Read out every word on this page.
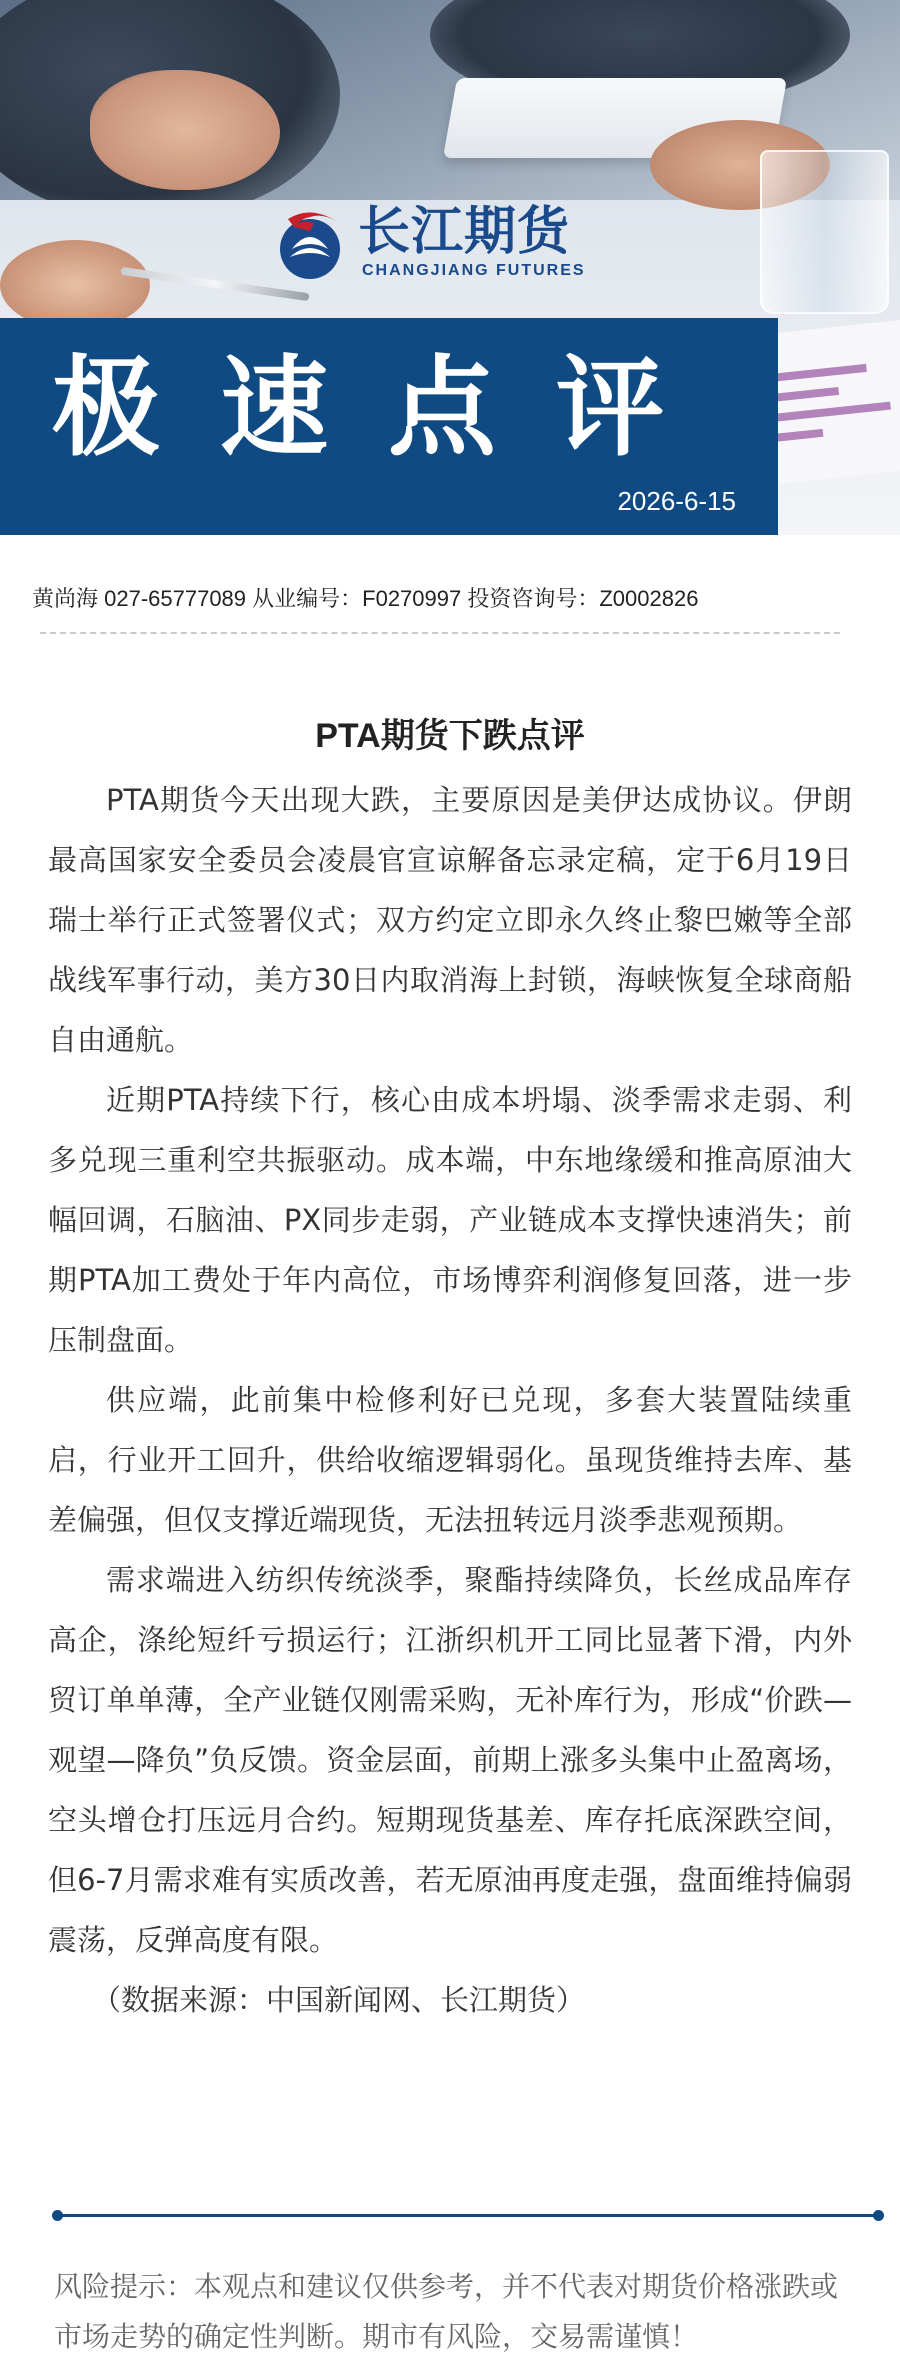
长江期货
CHANGJIANG FUTURES
极速点评
2026-6-15
黄尚海 027-65777089 从业编号：F0270997 投资咨询号：Z0002826
PTA期货下跌点评

PTA期货今天出现大跌，主要原因是美伊达成协议。伊朗最高国家安全委员会凌晨官宣谅解备忘录定稿，定于6月19日瑞士举行正式签署仪式；双方约定立即永久终止黎巴嫩等全部战线军事行动，美方30日内取消海上封锁，海峡恢复全球商船自由通航。

近期PTA持续下行，核心由成本坍塌、淡季需求走弱、利多兑现三重利空共振驱动。成本端，中东地缘缓和推高原油大幅回调，石脑油、PX同步走弱，产业链成本支撑快速消失；前期PTA加工费处于年内高位，市场博弈利润修复回落，进一步压制盘面。

供应端，此前集中检修利好已兑现，多套大装置陆续重启，行业开工回升，供给收缩逻辑弱化。虽现货维持去库、基差偏强，但仅支撑近端现货，无法扭转远月淡季悲观预期。

需求端进入纺织传统淡季，聚酯持续降负，长丝成品库存高企，涤纶短纤亏损运行；江浙织机开工同比显著下滑，内外贸订单单薄，全产业链仅刚需采购，无补库行为，形成“价跌—观望—降负”负反馈。资金层面，前期上涨多头集中止盈离场，空头增仓打压远月合约。短期现货基差、库存托底深跌空间，但6-7月需求难有实质改善，若无原油再度走强，盘面维持偏弱震荡，反弹高度有限。

（数据来源：中国新闻网、长江期货）

风险提示：本观点和建议仅供参考，并不代表对期货价格涨跌或市场走势的确定性判断。期市有风险，交易需谨慎！
